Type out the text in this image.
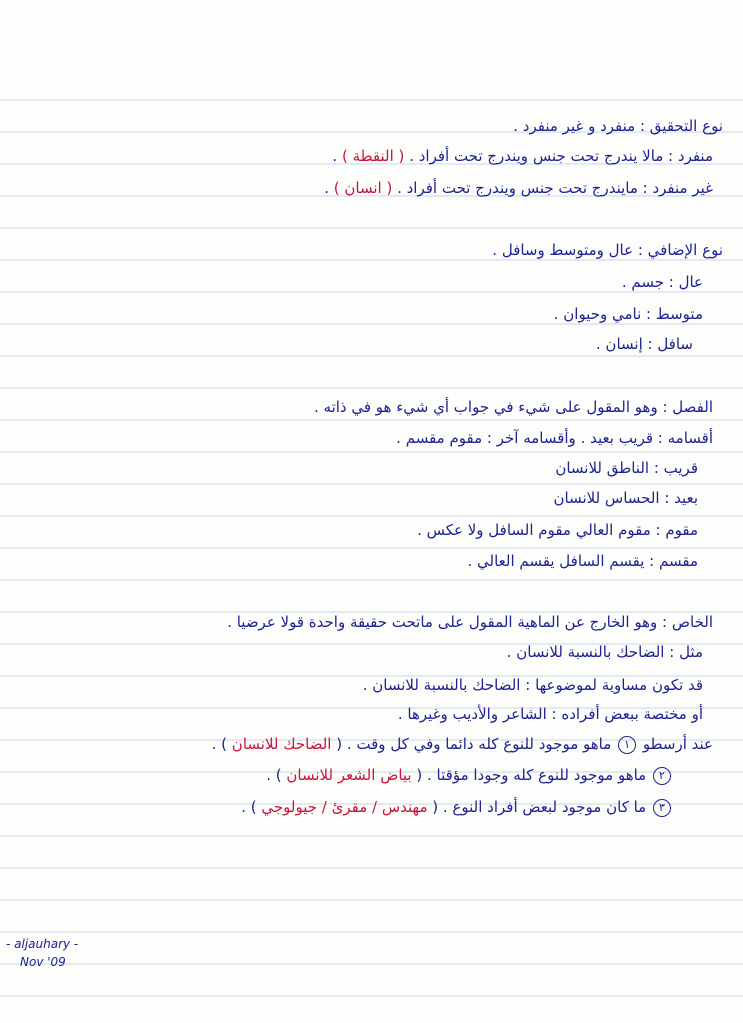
نوع التحقيق : منفرد و غير منفرد .
منفرد : مالا يندرج تحت جنس ويندرج تحت أفراد . ( النقطة ) .
غير منفرد : مايندرج تحت جنس ويندرج تحت أفراد . ( انسان ) .
نوع الإضافي : عال ومتوسط وسافل .
عال : جسم .
متوسط : نامي وحيوان .
سافل : إنسان .
الفصل : وهو المقول على شيء في جواب أي شيء هو في ذاته .
أقسامه : قريب بعيد . وأقسامه آخر : مقوم مقسم .
قريب : الناطق للانسان
بعيد : الحساس للانسان
مقوم : مقوم العالي مقوم السافل ولا عكس .
مقسم : يقسم السافل يقسم العالي .
الخاص : وهو الخارج عن الماهية المقول على ماتحت حقيقة واحدة قولا عرضيا .
مثل : الضاحك بالنسبة للانسان .
قد تكون مساوية لموضوعها : الضاحك بالنسبة للانسان .
أو مختصة ببعض أفراده : الشاعر والأديب وغيرها .
عند أرسطو ١ ماهو موجود للنوع كله دائما وفي كل وقت . ( الضاحك للانسان ) .
٢ ماهو موجود للنوع كله وجودا مؤقتا . ( بياض الشعر للانسان ) .
٣ ما كان موجود لبعض أفراد النوع . ( مهندس / مقرئ / جيولوجي ) .
- aljauhary -
Nov '09
